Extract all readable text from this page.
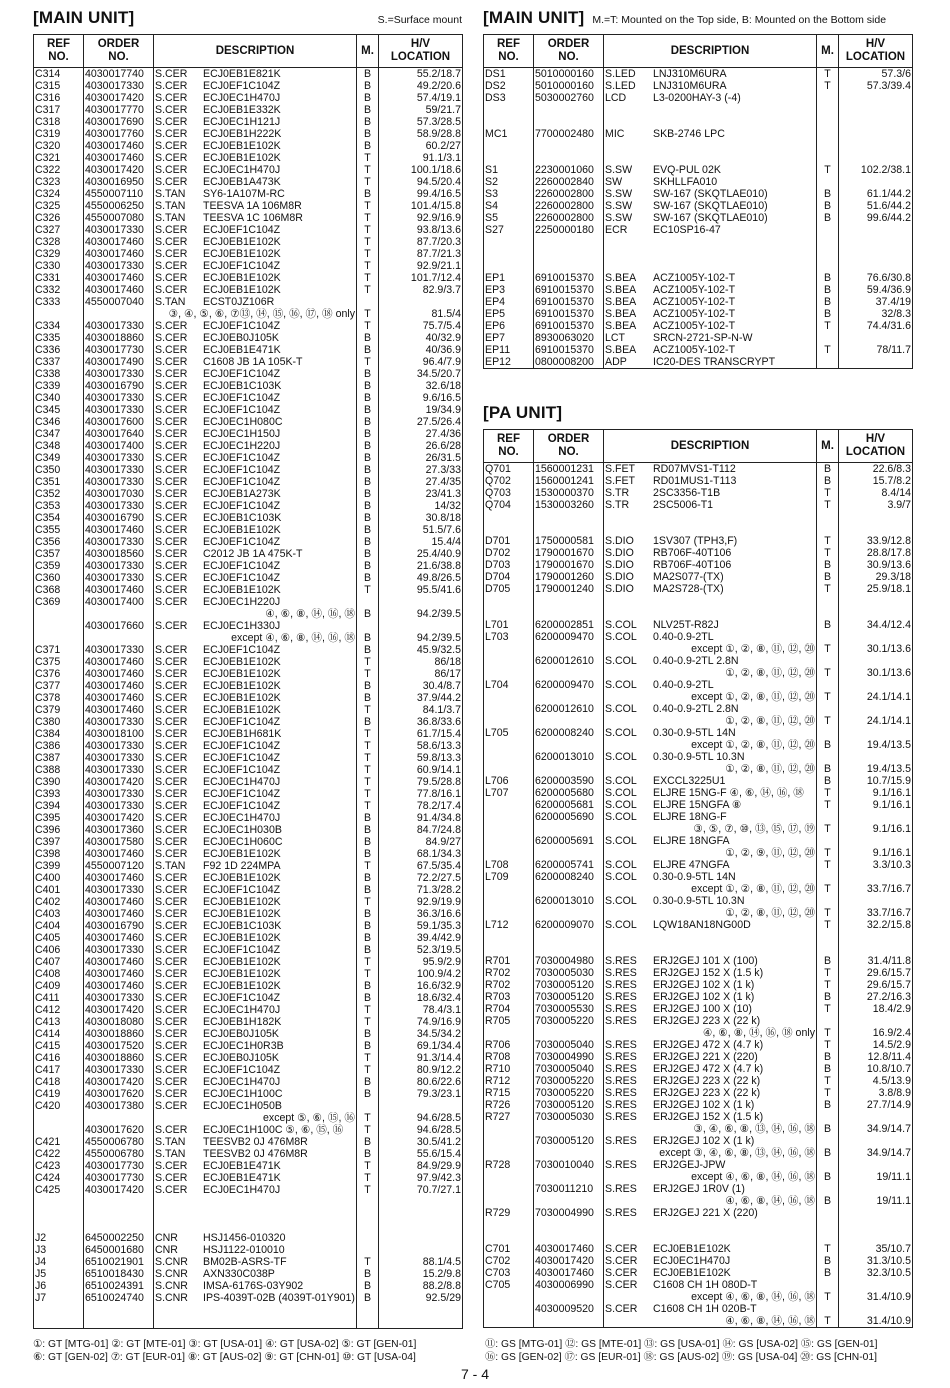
[MAIN UNIT]	S.=Surface mount
REF
NO.	ORDER
NO.	DESCRIPTION	M.	H/V
LOCATION
C314	4030017740	S.CER ECJ0EB1E821K	B	55.2/18.7
C315	4030017330	S.CER ECJ0EF1C104Z	B	49.2/20.6
C316	4030017420	S.CER ECJ0EC1H470J	B	57.4/19.1
C317	4030017770	S.CER ECJ0EB1E332K	B	59/21.7
C318	4030017690	S.CER ECJ0EC1H121J	B	57.3/28.5
C319	4030017760	S.CER ECJ0EB1H222K	B	58.9/28.8
C320	4030017460	S.CER ECJ0EB1E102K	B	60.2/27
C321	4030017460	S.CER ECJ0EB1E102K	T	91.1/3.1
C322	4030017420	S.CER ECJ0EC1H470J	T	100.1/18.6
C323	4030016950	S.CER ECJ0EB1A473K	T	94.5/20.4
C324	4550007110	S.TAN SY6-1A107M-RC	B	99.4/16.5
C325	4550006250	S.TAN TEESVA 1A 106M8R	T	101.4/15.8
C326	4550007080	S.TAN TEESVA 1C 106M8R	T	92.9/16.9
C327	4030017330	S.CER ECJ0EF1C104Z	T	93.8/13.6
C328	4030017460	S.CER ECJ0EB1E102K	T	87.7/20.3
C329	4030017460	S.CER ECJ0EB1E102K	T	87.7/21.3
C330	4030017330	S.CER ECJ0EF1C104Z	T	92.9/21.1
C331	4030017460	S.CER ECJ0EB1E102K	T	101.7/12.4
C332	4030017460	S.CER ECJ0EB1E102K	T	82.9/3.7
C333	4550007040	S.TAN ECST0JZ106R		
		③, ④, ⑤, ⑥, ⑦⑬, ⑭, ⑮, ⑯, ⑰, ⑱ only	T	81.5/4
C334	4030017330	S.CER ECJ0EF1C104Z	T	75.7/5.4
C335	4030018860	S.CER ECJ0EB0J105K	B	40/32.9
C336	4030017730	S.CER ECJ0EB1E471K	B	40/36.9
C337	4030017490	S.CER C1608 JB 1A 105K-T	T	96.4/7.9
C338	4030017330	S.CER ECJ0EF1C104Z	B	34.5/20.7
C339	4030016790	S.CER ECJ0EB1C103K	B	32.6/18
C340	4030017330	S.CER ECJ0EF1C104Z	B	9.6/16.5
C345	4030017330	S.CER ECJ0EF1C104Z	B	19/34.9
C346	4030017600	S.CER ECJ0EC1H080C	B	27.5/26.4
C347	4030017640	S.CER ECJ0EC1H150J	B	27.4/36
C348	4030017400	S.CER ECJ0EC1H220J	B	26.6/28
C349	4030017330	S.CER ECJ0EF1C104Z	B	26/31.5
C350	4030017330	S.CER ECJ0EF1C104Z	B	27.3/33
C351	4030017330	S.CER ECJ0EF1C104Z	B	27.4/35
C352	4030017030	S.CER ECJ0EB1A273K	B	23/41.3
C353	4030017330	S.CER ECJ0EF1C104Z	B	14/32
C354	4030016790	S.CER ECJ0EB1C103K	B	30.8/18
C355	4030017460	S.CER ECJ0EB1E102K	B	51.5/7.6
C356	4030017330	S.CER ECJ0EF1C104Z	B	15.4/4
C357	4030018560	S.CER C2012 JB 1A 475K-T	B	25.4/40.9
C359	4030017330	S.CER ECJ0EF1C104Z	B	21.6/38.8
C360	4030017330	S.CER ECJ0EF1C104Z	B	49.8/26.5
C368	4030017460	S.CER ECJ0EB1E102K	T	95.5/41.6
C369	4030017400	S.CER ECJ0EC1H220J		
		④, ⑥, ⑧, ⑭, ⑯, ⑱	B	94.2/39.5
	4030017660	S.CER ECJ0EC1H330J		
		except ④, ⑥, ⑧, ⑭, ⑯, ⑱	B	94.2/39.5
C371	4030017330	S.CER ECJ0EF1C104Z	B	45.9/32.5
C375	4030017460	S.CER ECJ0EB1E102K	T	86/18
C376	4030017460	S.CER ECJ0EB1E102K	T	86/17
C377	4030017460	S.CER ECJ0EB1E102K	B	30.4/8.7
C378	4030017460	S.CER ECJ0EB1E102K	B	37.9/44.2
C379	4030017460	S.CER ECJ0EB1E102K	T	84.1/3.7
C380	4030017330	S.CER ECJ0EF1C104Z	B	36.8/33.6
C384	4030018100	S.CER ECJ0EB1H681K	T	61.7/15.4
C386	4030017330	S.CER ECJ0EF1C104Z	T	58.6/13.3
C387	4030017330	S.CER ECJ0EF1C104Z	T	59.8/13.3
C388	4030017330	S.CER ECJ0EF1C104Z	T	60.9/14.1
C390	4030017420	S.CER ECJ0EC1H470J	T	79.5/28.8
C393	4030017330	S.CER ECJ0EF1C104Z	T	77.8/16.1
C394	4030017330	S.CER ECJ0EF1C104Z	T	78.2/17.4
C395	4030017420	S.CER ECJ0EC1H470J	B	91.4/34.8
C396	4030017360	S.CER ECJ0EC1H030B	B	84.7/24.8
C397	4030017580	S.CER ECJ0EC1H060C	B	84.9/27
C398	4030017460	S.CER ECJ0EB1E102K	B	68.1/34.3
C399	4550007120	S.TAN F92 1D 224MPA	T	67.5/35.4
C400	4030017460	S.CER ECJ0EB1E102K	B	72.2/27.5
C401	4030017330	S.CER ECJ0EF1C104Z	B	71.3/28.2
C402	4030017460	S.CER ECJ0EB1E102K	T	92.9/19.9
C403	4030017460	S.CER ECJ0EB1E102K	B	36.3/16.6
C404	4030016790	S.CER ECJ0EB1C103K	B	59.1/35.3
C405	4030017460	S.CER ECJ0EB1E102K	B	39.4/42.9
C406	4030017330	S.CER ECJ0EF1C104Z	B	52.3/19.5
C407	4030017460	S.CER ECJ0EB1E102K	T	95.9/2.9
C408	4030017460	S.CER ECJ0EB1E102K	T	100.9/4.2
C409	4030017460	S.CER ECJ0EB1E102K	B	16.6/32.9
C411	4030017330	S.CER ECJ0EF1C104Z	B	18.6/32.4
C412	4030017420	S.CER ECJ0EC1H470J	T	78.4/3.1
C413	4030018080	S.CER ECJ0EB1H182K	T	74.9/16.9
C414	4030018860	S.CER ECJ0EB0J105K	B	34.5/34.2
C415	4030017520	S.CER ECJ0EC1H0R3B	B	69.1/34.4
C416	4030018860	S.CER ECJ0EB0J105K	T	91.3/14.4
C417	4030017330	S.CER ECJ0EF1C104Z	T	80.9/12.2
C418	4030017420	S.CER ECJ0EC1H470J	B	80.6/22.6
C419	4030017620	S.CER ECJ0EC1H100C	B	79.3/23.1
C420	4030017380	S.CER ECJ0EC1H050B		
		except ⑤, ⑥, ⑮, ⑯	T	94.6/28.5
	4030017620	S.CER ECJ0EC1H100C ⑤, ⑥, ⑮, ⑯	T	94.6/28.5
C421	4550006780	S.TAN TEESVB2 0J 476M8R	B	30.5/41.2
C422	4550006780	S.TAN TEESVB2 0J 476M8R	B	55.6/15.4
C423	4030017730	S.CER ECJ0EB1E471K	T	84.9/29.9
C424	4030017730	S.CER ECJ0EB1E471K	T	97.9/42.3
C425	4030017420	S.CER ECJ0EC1H470J	T	70.7/27.1

J2	6450002250	CNR HSJ1456-010320		
J3	6450001680	CNR HSJ1122-010010		
J4	6510021901	S.CNR BM02B-ASRS-TF	T	88.1/4.5
J5	6510018430	S.CNR AXN330C038P	B	15.2/9.8
J6	6510024391	S.CNR IMSA-6176S-03Y902	B	88.2/8.8
J7	6510024740	S.CNR IPS-4039T-02B (4039T-01Y901)	B	92.5/29

[MAIN UNIT] M.=T: Mounted on the Top side, B: Mounted on the Bottom side
REF
NO.	ORDER
NO.	DESCRIPTION	M.	H/V
LOCATION
DS1	5010000160	S.LED LNJ310M6URA	T	57.3/6
DS2	5010000160	S.LED LNJ310M6URA	T	57.3/39.4
DS3	5030002760	LCD L3-0200HAY-3 (-4)		

MC1	7700002480	MIC SKB-2746 LPC		

S1	2230001060	S.SW EVQ-PUL 02K	T	102.2/38.1
S2	2260002840	SW SKHLLFA010		
S3	2260002800	S.SW SW-167 (SKQTLAE010)	B	61.1/44.2
S4	2260002800	S.SW SW-167 (SKQTLAE010)	B	51.6/44.2
S5	2260002800	S.SW SW-167 (SKQTLAE010)	B	99.6/44.2
S27	2250000180	ECR EC10SP16-47		

EP1	6910015370	S.BEA ACZ1005Y-102-T	B	76.6/30.8
EP3	6910015370	S.BEA ACZ1005Y-102-T	B	59.4/36.9
EP4	6910015370	S.BEA ACZ1005Y-102-T	B	37.4/19
EP5	6910015370	S.BEA ACZ1005Y-102-T	B	32/8.3
EP6	6910015370	S.BEA ACZ1005Y-102-T	T	74.4/31.6
EP7	8930063020	LCT SRCN-2721-SP-N-W		
EP11	6910015370	S.BEA ACZ1005Y-102-T	T	78/11.7
EP12	0800008200	ADP IC20-DES TRANSCRYPT		
[PA UNIT]
REF
NO.	ORDER
NO.	DESCRIPTION	M.	H/V
LOCATION
Q701	1560001231	S.FET RD07MVS1-T112	B	22.6/8.3
Q702	1560001241	S.FET RD01MUS1-T113	B	15.7/8.2
Q703	1530000370	S.TR 2SC3356-T1B	T	8.4/14
Q704	1530003260	S.TR 2SC5006-T1	T	3.9/7

D701	1750000581	S.DIO 1SV307 (TPH3,F)	T	33.9/12.8
D702	1790001670	S.DIO RB706F-40T106	T	28.8/17.8
D703	1790001670	S.DIO RB706F-40T106	B	30.9/13.6
D704	1790001260	S.DIO MA2S077-(TX)	B	29.3/18
D705	1790001240	S.DIO MA2S728-(TX)	T	25.9/18.1

L701	6200002851	S.COL NLV25T-R82J	B	34.4/12.4
L703	6200009470	S.COL 0.40-0.9-2TL		
		except ①, ②, ⑧, ⑪, ⑫, ⑳	T	30.1/13.6
	6200012610	S.COL 0.40-0.9-2TL 2.8N		
		①, ②, ⑧, ⑪, ⑫, ⑳	T	30.1/13.6
L704	6200009470	S.COL 0.40-0.9-2TL		
		except ①, ②, ⑧, ⑪, ⑫, ⑳	T	24.1/14.1
	6200012610	S.COL 0.40-0.9-2TL 2.8N		
		①, ②, ⑧, ⑪, ⑫, ⑳	T	24.1/14.1
L705	6200008240	S.COL 0.30-0.9-5TL 14N		
		except ①, ②, ⑧, ⑪, ⑫, ⑳	B	19.4/13.5
	6200013010	S.COL 0.30-0.9-5TL 10.3N		
		①, ②, ⑧, ⑪, ⑫, ⑳	B	19.4/13.5
L706	6200003590	S.COL EXCCL3225U1	B	10.7/15.9
L707	6200005680	S.COL ELJRE 15NG-F ④, ⑥, ⑭, ⑯, ⑱	T	9.1/16.1
	6200005681	S.COL ELJRE 15NGFA ⑧	T	9.1/16.1
	6200005690	S.COL ELJRE 18NG-F		
		③, ⑤, ⑦, ⑩, ⑬, ⑮, ⑰, ⑲	T	9.1/16.1
	6200005691	S.COL ELJRE 18NGFA		
		①, ②, ⑨, ⑪, ⑫, ⑳	T	9.1/16.1
L708	6200005741	S.COL ELJRE 47NGFA	T	3.3/10.3
L709	6200008240	S.COL 0.30-0.9-5TL 14N		
		except ①, ②, ⑧, ⑪, ⑫, ⑳	T	33.7/16.7
	6200013010	S.COL 0.30-0.9-5TL 10.3N		
		①, ②, ⑧, ⑪, ⑫, ⑳	T	33.7/16.7
L712	6200009070	S.COL LQW18AN18NG00D	T	32.2/15.8

R701	7030004980	S.RES ERJ2GEJ 101 X (100)	B	31.4/11.8
R702	7030005030	S.RES ERJ2GEJ 152 X (1.5 k)	T	29.6/15.7
R702	7030005120	S.RES ERJ2GEJ 102 X (1 k)	T	29.6/15.7
R703	7030005120	S.RES ERJ2GEJ 102 X (1 k)	B	27.2/16.3
R704	7030005530	S.RES ERJ2GEJ 100 X (10)	T	18.4/2.9
R705	7030005220	S.RES ERJ2GEJ 223 X (22 k)		
		④, ⑥, ⑧, ⑭, ⑯, ⑱ only	T	16.9/2.4
R706	7030005040	S.RES ERJ2GEJ 472 X (4.7 k)	T	14.5/2.9
R708	7030004990	S.RES ERJ2GEJ 221 X (220)	B	12.8/11.4
R710	7030005040	S.RES ERJ2GEJ 472 X (4.7 k)	B	10.8/10.7
R712	7030005220	S.RES ERJ2GEJ 223 X (22 k)	T	4.5/13.9
R715	7030005220	S.RES ERJ2GEJ 223 X (22 k)	T	3.8/8.9
R726	7030005120	S.RES ERJ2GEJ 102 X (1 k)	B	27.7/14.9
R727	7030005030	S.RES ERJ2GEJ 152 X (1.5 k)		
		③, ④, ⑥, ⑧, ⑬, ⑭, ⑯, ⑱	B	34.9/14.7
	7030005120	S.RES ERJ2GEJ 102 X (1 k)		
		except ③, ④, ⑥, ⑧, ⑬, ⑭, ⑯, ⑱	B	34.9/14.7
R728	7030010040	S.RES ERJ2GEJ-JPW		
		except ④, ⑥, ⑧, ⑭, ⑯, ⑱	B	19/11.1
	7030011210	S.RES ERJ2GEJ 1R0V (1)		
		④, ⑥, ⑧, ⑭, ⑯, ⑱	B	19/11.1
R729	7030004990	S.RES ERJ2GEJ 221 X (220)		

C701	4030017460	S.CER ECJ0EB1E102K	T	35/10.7
C702	4030017420	S.CER ECJ0EC1H470J	B	31.3/10.5
C703	4030017460	S.CER ECJ0EB1E102K	B	32.3/10.5
C705	4030006990	S.CER C1608 CH 1H 080D-T		
		except ④, ⑥, ⑧, ⑭, ⑯, ⑱	T	31.4/10.9
	4030009520	S.CER C1608 CH 1H 020B-T		
		④, ⑥, ⑧, ⑭, ⑯, ⑱	T	31.4/10.9
①: GT [MTG-01] ②: GT [MTE-01] ③: GT [USA-01] ④: GT [USA-02] ⑤: GT [GEN-01]
⑥: GT [GEN-02] ⑦: GT [EUR-01] ⑧: GT [AUS-02] ⑨: GT [CHN-01] ⑩: GT [USA-04]
⑪: GS [MTG-01] ⑫: GS [MTE-01] ⑬: GS [USA-01] ⑭: GS [USA-02] ⑮: GS [GEN-01]
⑯: GS [GEN-02] ⑰: GS [EUR-01] ⑱: GS [AUS-02] ⑲: GS [USA-04] ⑳: GS [CHN-01]
7 - 4
